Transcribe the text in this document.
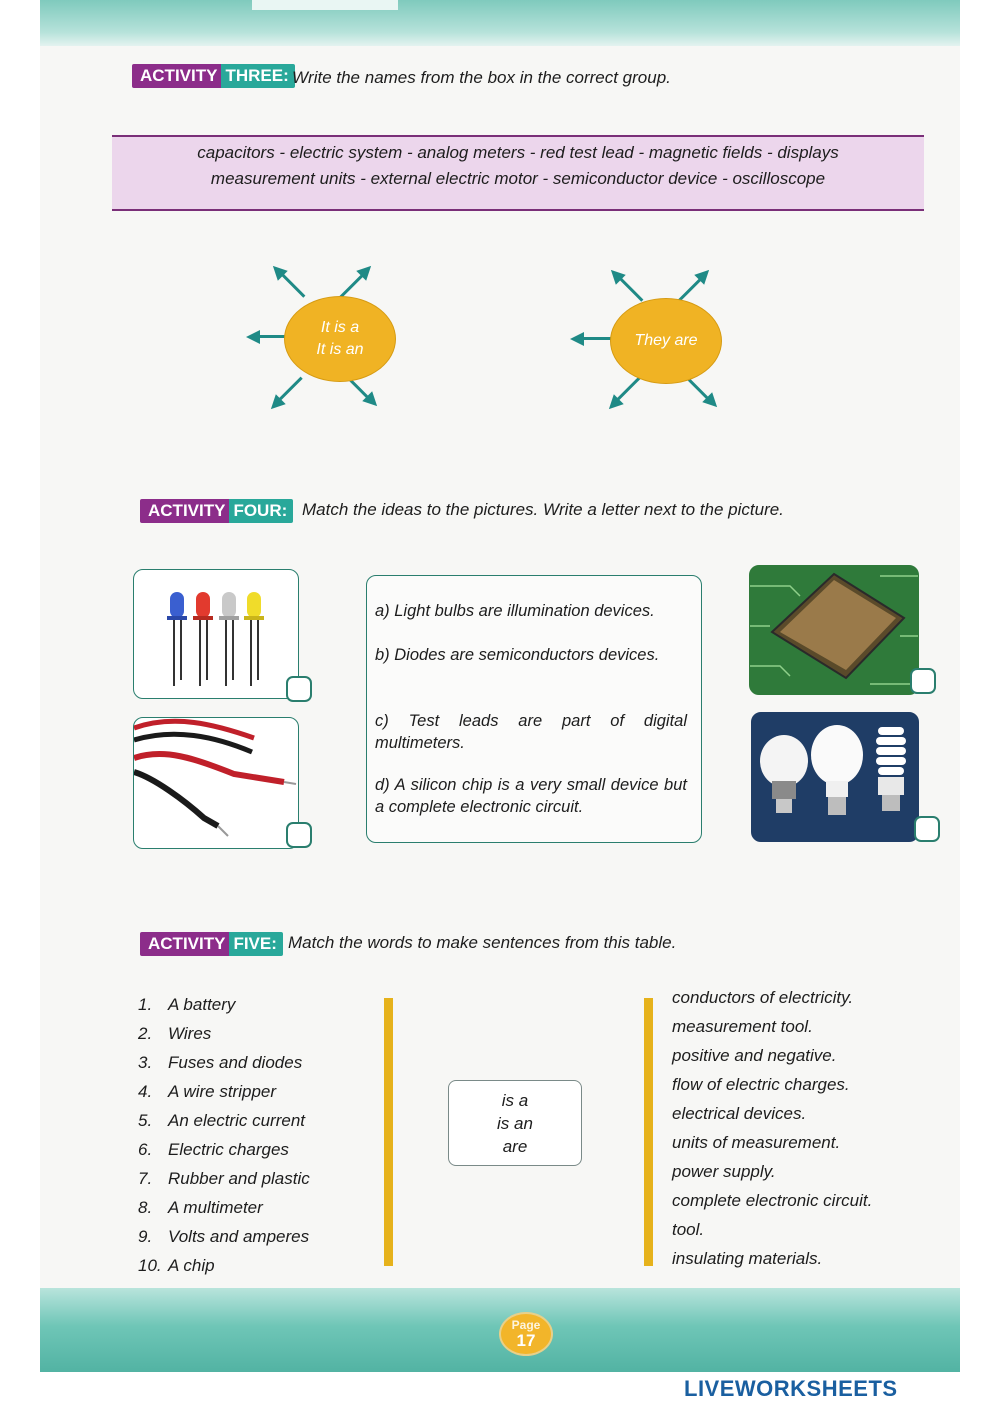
ACTIVITY THREE: Write the names from the box in the correct group.
capacitors - electric system - analog meters - red test lead - magnetic fields - displays
measurement units - external electric motor - semiconductor device - oscilloscope
It is a
It is an
They are
ACTIVITY FOUR: Match the ideas to the pictures. Write a letter next to the picture.
a) Light bulbs are illumination devices.
b) Diodes are semiconductors devices.
c) Test leads are part of digital multimeters.
d) A silicon chip is a very small device but a complete electronic circuit.
ACTIVITY FIVE: Match the words to make sentences from this table.
1. A battery
2. Wires
3. Fuses and diodes
4. A wire stripper
5. An electric current
6. Electric charges
7. Rubber and plastic
8. A multimeter
9. Volts and amperes
10. A chip
is a
is an
are
conductors of electricity.
measurement tool.
positive and negative.
flow of electric charges.
electrical devices.
units of measurement.
power supply.
complete electronic circuit.
tool.
insulating materials.
Page
17
LIVEWORKSHEETS
